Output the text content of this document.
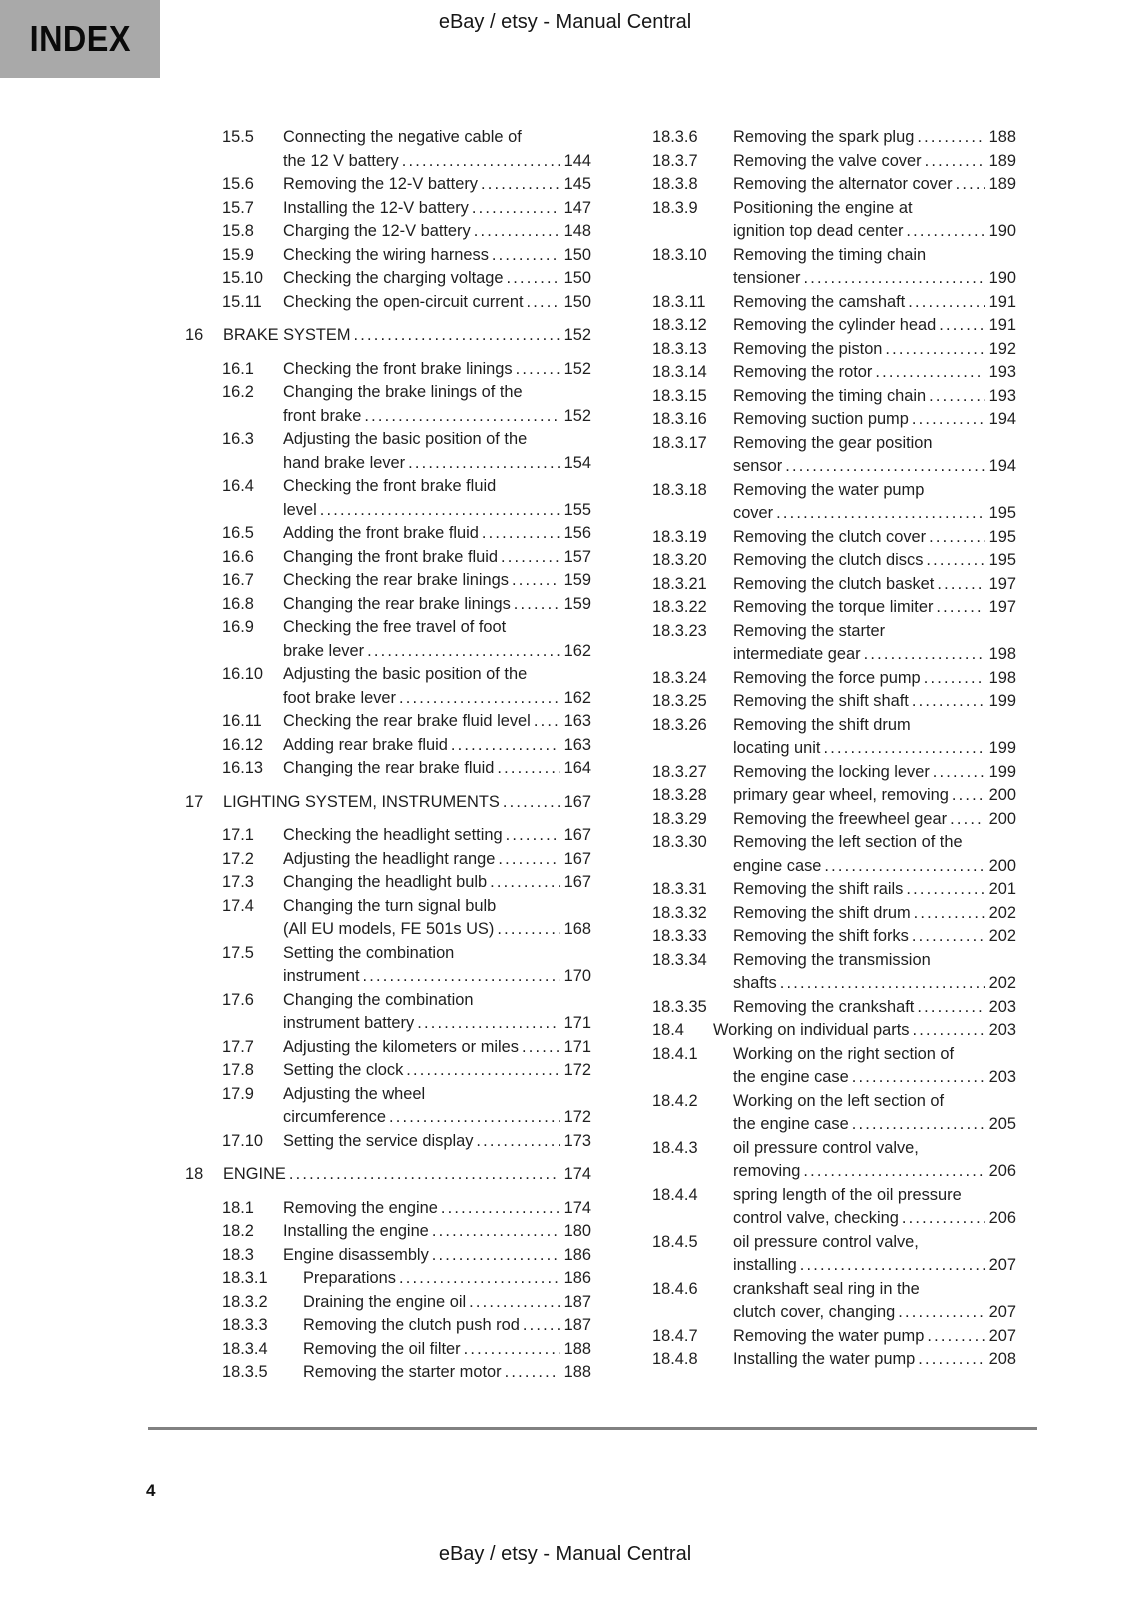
INDEX	eBay / etsy - Manual Central
15.5	Connecting the negative cable of
the 12 V battery .....	144
15.6	Removing the 12-V battery .....	145
15.7	Installing the 12-V battery .....	147
15.8	Charging the 12-V battery .....	148
15.9	Checking the wiring harness .....	150
15.10	Checking the charging voltage .....	150
15.11	Checking the open-circuit current ..... 150
16	BRAKE SYSTEM .....	152
16.1	Checking the front brake linings .....	152
16.2	Changing the brake linings of the
front brake .....	152
16.3	Adjusting the basic position of the
hand brake lever .....	154
16.4	Checking the front brake fluid
level .....	155
16.5	Adding the front brake fluid .....	156
16.6	Changing the front brake fluid .....	157
16.7	Checking the rear brake linings .....	159
16.8	Changing the rear brake linings .....	159
16.9	Checking the free travel of foot
brake lever .....	162
16.10	Adjusting the basic position of the
foot brake lever .....	162
16.11	Checking the rear brake fluid level ..... 163
16.12	Adding rear brake fluid .....	163
16.13	Changing the rear brake fluid .....	164
17	LIGHTING SYSTEM, INSTRUMENTS .....	167
17.1	Checking the headlight setting .....	167
17.2	Adjusting the headlight range .....	167
17.3	Changing the headlight bulb .....	167
17.4	Changing the turn signal bulb
(All EU models, FE 501s US) .....	168
17.5	Setting the combination
instrument .....	170
17.6	Changing the combination
instrument battery .....	171
17.7	Adjusting the kilometers or miles .....	171
17.8	Setting the clock .....	172
17.9	Adjusting the wheel
circumference .....	172
17.10	Setting the service display .....	173
18	ENGINE .....	174
18.1	Removing the engine .....	174
18.2	Installing the engine .....	180
18.3	Engine disassembly .....	186
18.3.1	Preparations .....	186
18.3.2	Draining the engine oil .....	187
18.3.3	Removing the clutch push rod .....	187
18.3.4	Removing the oil filter .....	188
18.3.5	Removing the starter motor .....	188
18.3.6	Removing the spark plug .....	188
18.3.7	Removing the valve cover .....	189
18.3.8	Removing the alternator cover ..... 189
18.3.9	Positioning the engine at
ignition top dead center .....	190
18.3.10	Removing the timing chain
tensioner .....	190
18.3.11	Removing the camshaft .....	191
18.3.12	Removing the cylinder head .....	191
18.3.13	Removing the piston .....	192
18.3.14	Removing the rotor .....	193
18.3.15	Removing the timing chain .....	193
18.3.16	Removing suction pump .....	194
18.3.17	Removing the gear position
sensor .....	194
18.3.18	Removing the water pump
cover .....	195
18.3.19	Removing the clutch cover .....	195
18.3.20	Removing the clutch discs .....	195
18.3.21	Removing the clutch basket .....	197
18.3.22	Removing the torque limiter .....	197
18.3.23	Removing the starter
intermediate gear .....	198
18.3.24	Removing the force pump .....	198
18.3.25	Removing the shift shaft .....	199
18.3.26	Removing the shift drum
locating unit .....	199
18.3.27	Removing the locking lever .....	199
18.3.28	primary gear wheel, removing ..... 200
18.3.29	Removing the freewheel gear .....	200
18.3.30	Removing the left section of the
engine case .....	200
18.3.31	Removing the shift rails .....	201
18.3.32	Removing the shift drum .....	202
18.3.33	Removing the shift forks .....	202
18.3.34	Removing the transmission
shafts .....	202
18.3.35	Removing the crankshaft .....	203
18.4	Working on individual parts .....	203
18.4.1	Working on the right section of
the engine case .....	203
18.4.2	Working on the left section of
the engine case .....	205
18.4.3	oil pressure control valve,
removing .....	206
18.4.4	spring length of the oil pressure
control valve, checking .....	206
18.4.5	oil pressure control valve,
installing .....	207
18.4.6	crankshaft seal ring in the
clutch cover, changing .....	207
18.4.7	Removing the water pump .....	207
18.4.8	Installing the water pump .....	208
4
eBay / etsy - Manual Central
